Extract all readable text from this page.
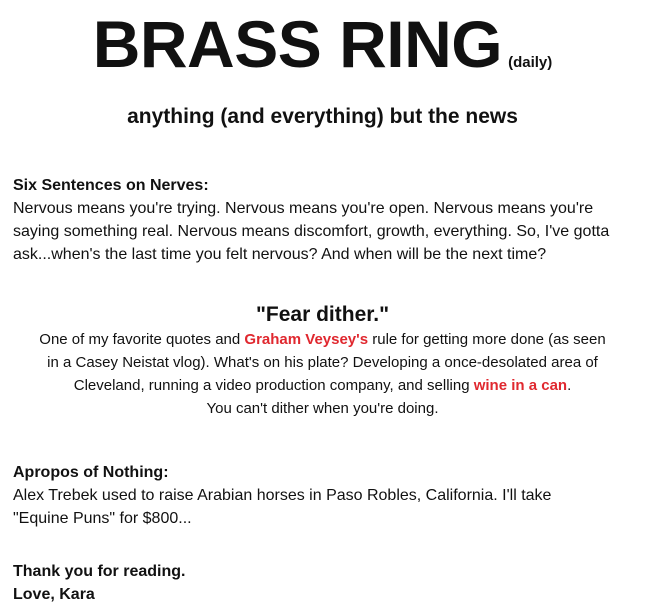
BRASS RING (daily)
anything (and everything) but the news
Six Sentences on Nerves:
Nervous means you're trying. Nervous means you're open. Nervous means you're saying something real. Nervous means discomfort, growth, everything. So, I've gotta ask...when's the last time you felt nervous? And when will be the next time?
"Fear dither."
One of my favorite quotes and Graham Veysey's rule for getting more done (as seen in a Casey Neistat vlog). What's on his plate? Developing a once-desolated area of Cleveland, running a video production company, and selling wine in a can.
You can't dither when you're doing.
Apropos of Nothing:
Alex Trebek used to raise Arabian horses in Paso Robles, California. I'll take "Equine Puns" for $800...
Thank you for reading.
Love, Kara
